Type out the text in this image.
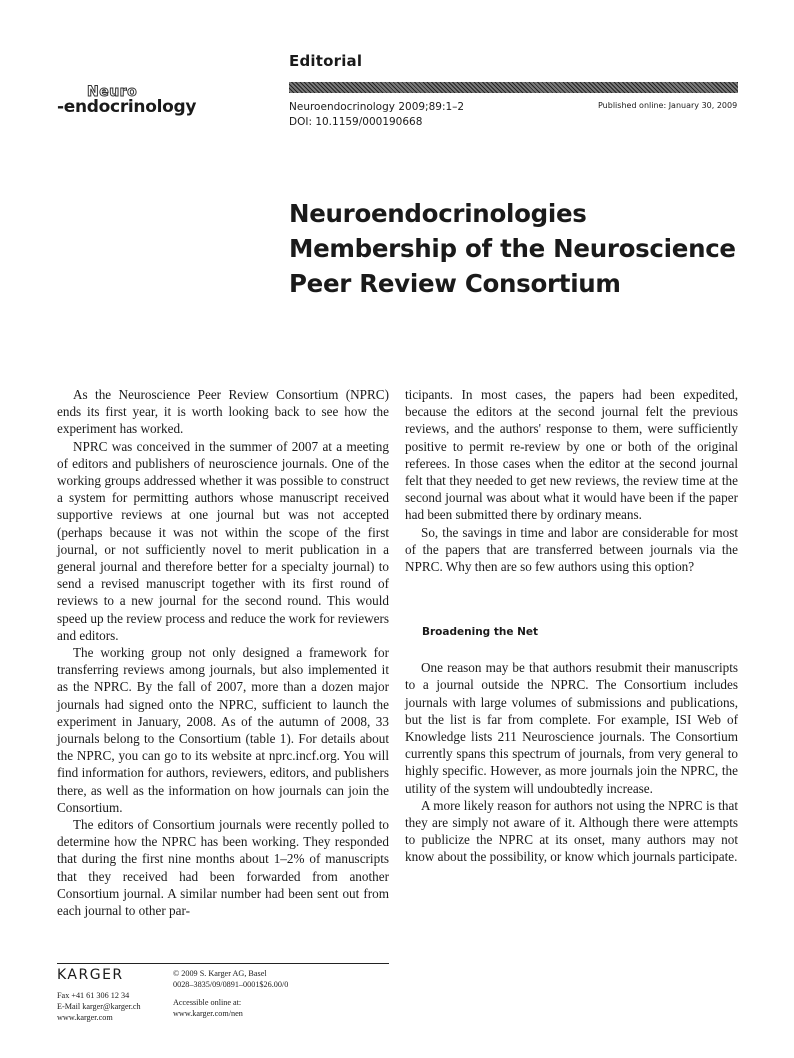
Editorial
Neuro
-endocrinology	Neuroendocrinology 2009;89:1–2
DOI: 10.1159/000190668
Published online: January 30, 2009
Neuroendocrinologies
Membership of the Neuroscience
Peer Review Consortium

As the Neuroscience Peer Review Consortium (NPRC) ends its first year, it is worth looking back to see how the experiment has worked.

NPRC was conceived in the summer of 2007 at a meeting of editors and publishers of neuroscience journals. One of the working groups addressed whether it was possible to construct a system for permitting authors whose manuscript received supportive reviews at one journal but was not accepted (perhaps because it was not within the scope of the first journal, or not sufficiently novel to merit publication in a general journal and therefore better for a specialty journal) to send a revised manuscript together with its first round of reviews to a new journal for the second round. This would speed up the review process and reduce the work for reviewers and editors.

The working group not only designed a framework for transferring reviews among journals, but also implemented it as the NPRC. By the fall of 2007, more than a dozen major journals had signed onto the NPRC, sufficient to launch the experiment in January, 2008. As of the autumn of 2008, 33 journals belong to the Consortium (table 1). For details about the NPRC, you can go to its website at nprc.incf.org. You will find information for authors, reviewers, editors, and publishers there, as well as the information on how journals can join the Consortium.

The editors of Consortium journals were recently polled to determine how the NPRC has been working. They responded that during the first nine months about 1–2% of manuscripts that they received had been forwarded from another Consortium journal. A similar number had been sent out from each journal to other par-

ticipants. In most cases, the papers had been expedited, because the editors at the second journal felt the previous reviews, and the authors' response to them, were sufficiently positive to permit re-review by one or both of the original referees. In those cases when the editor at the second journal felt that they needed to get new reviews, the review time at the second journal was about what it would have been if the paper had been submitted there by ordinary means.

So, the savings in time and labor are considerable for most of the papers that are transferred between journals via the NPRC. Why then are so few authors using this option?

Broadening the Net

One reason may be that authors resubmit their manuscripts to a journal outside the NPRC. The Consortium includes journals with large volumes of submissions and publications, but the list is far from complete. For example, ISI Web of Knowledge lists 211 Neuroscience journals. The Consortium currently spans this spectrum of journals, from very general to highly specific. However, as more journals join the NPRC, the utility of the system will undoubtedly increase.

A more likely reason for authors not using the NPRC is that they are simply not aware of it. Although there were attempts to publicize the NPRC at its onset, many authors may not know about the possibility, or know which journals participate.

KARGER
Fax +41 61 306 12 34
E-Mail karger@karger.ch
www.karger.com
© 2009 S. Karger AG, Basel
0028–3835/09/0891–0001$26.00/0
Accessible online at:
www.karger.com/nen
